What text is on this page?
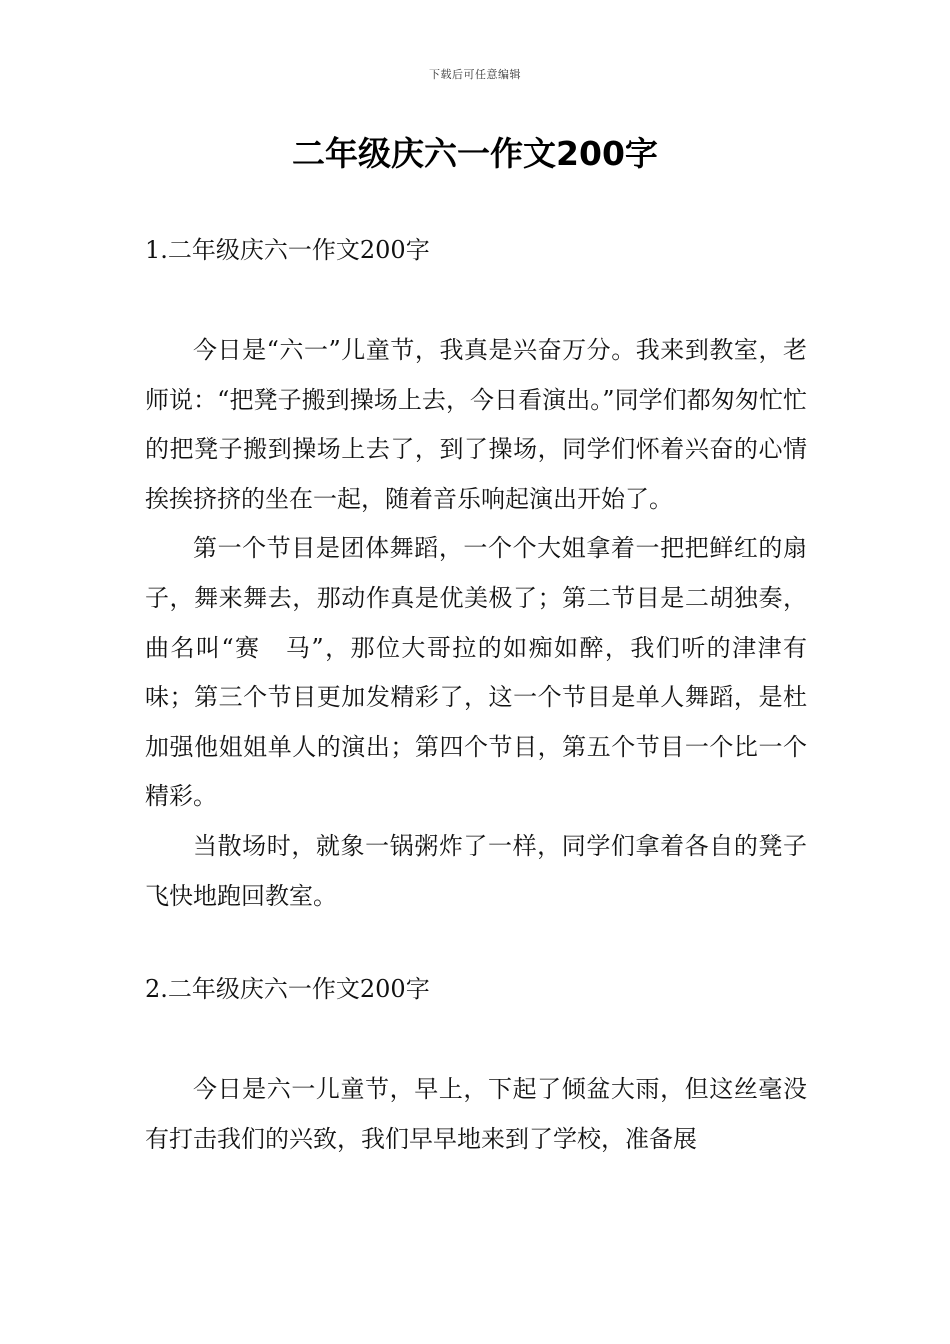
下载后可任意编辑
二年级庆六一作文200字

1.二年级庆六一作文200字

今日是“六一”儿童节，我真是兴奋万分。我来到教室，老师说：“把凳子搬到操场上去，今日看演出。”同学们都匆匆忙忙的把凳子搬到操场上去了，到了操场，同学们怀着兴奋的心情挨挨挤挤的坐在一起，随着音乐响起演出开始了。

第一个节目是团体舞蹈，一个个大姐拿着一把把鲜红的扇子，舞来舞去，那动作真是优美极了；第二节目是二胡独奏，曲名叫“赛　马”，那位大哥拉的如痴如醉，我们听的津津有味；第三个节目更加发精彩了，这一个节目是单人舞蹈，是杜加强他姐姐单人的演出；第四个节目，第五个节目一个比一个精彩。

当散场时，就象一锅粥炸了一样，同学们拿着各自的凳子飞快地跑回教室。

2.二年级庆六一作文200字

今日是六一儿童节，早上，下起了倾盆大雨，但这丝毫没有打击我们的兴致，我们早早地来到了学校，准备展
